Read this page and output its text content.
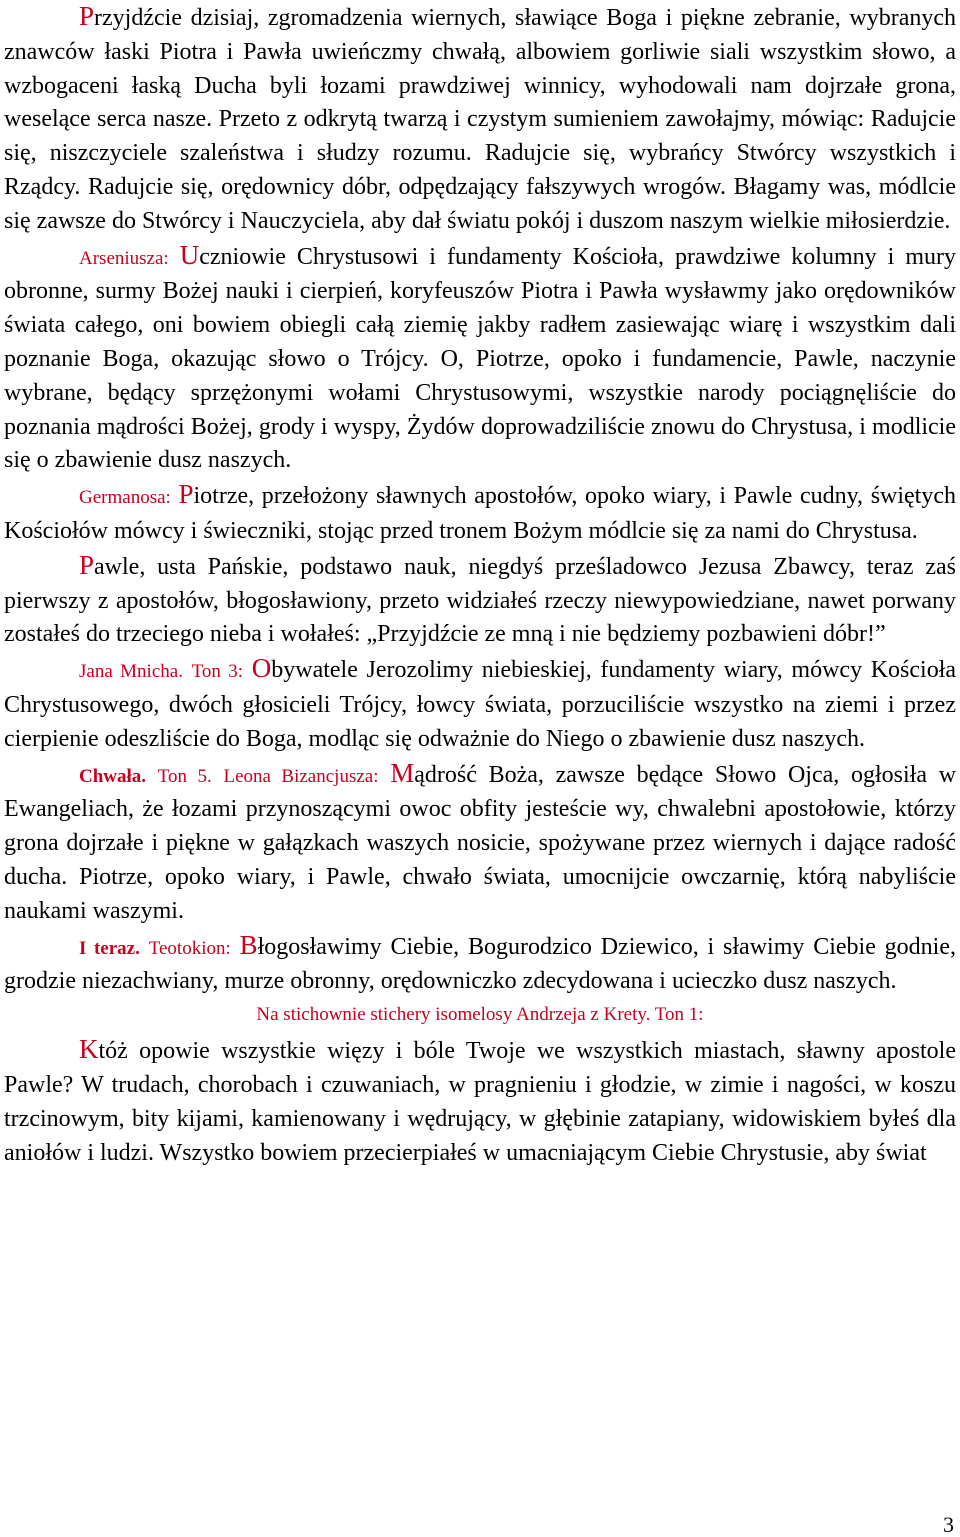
Przyjdźcie dzisiaj, zgromadzenia wiernych, sławiące Boga i piękne zebranie, wybranych znawców łaski Piotra i Pawła uwieńczmy chwałą, albowiem gorliwie siali wszystkim słowo, a wzbogaceni łaską Ducha byli łozami prawdziwej winnicy, wyhodowali nam dojrzałe grona, weselące serca nasze. Przeto z odkrytą twarzą i czystym sumieniem zawołajmy, mówiąc: Radujcie się, niszczyciele szaleństwa i słudzy rozumu. Radujcie się, wybrańcy Stwórcy wszystkich i Rządcy. Radujcie się, orędownicy dóbr, odpędzający fałszywych wrogów. Błagamy was, módlcie się zawsze do Stwórcy i Nauczyciela, aby dał światu pokój i duszom naszym wielkie miłosierdzie.

Arseniusza: Uczniowie Chrystusowi i fundamenty Kościoła, prawdziwe kolumny i mury obronne, surmy Bożej nauki i cierpień, koryfeuszów Piotra i Pawła wysławmy jako orędowników świata całego, oni bowiem obiegli całą ziemię jakby radłem zasiewając wiarę i wszystkim dali poznanie Boga, okazując słowo o Trójcy. O, Piotrze, opoko i fundamencie, Pawle, naczynie wybrane, będący sprzężonymi wołami Chrystusowymi, wszystkie narody pociągnęliście do poznania mądrości Bożej, grody i wyspy, Żydów doprowadziliście znowu do Chrystusa, i modlicie się o zbawienie dusz naszych.

Germanosa: Piotrze, przełożony sławnych apostołów, opoko wiary, i Pawle cudny, świętych Kościołów mówcy i świeczniki, stojąc przed tronem Bożym módlcie się za nami do Chrystusa.

Pawle, usta Pańskie, podstawo nauk, niegdyś prześladowco Jezusa Zbawcy, teraz zaś pierwszy z apostołów, błogosławiony, przeto widziałeś rzeczy niewypowiedziane, nawet porwany zostałeś do trzeciego nieba i wołałeś: „Przyjdźcie ze mną i nie będziemy pozbawieni dóbr!”

Jana Mnicha. Ton 3: Obywatele Jerozolimy niebieskiej, fundamenty wiary, mówcy Kościoła Chrystusowego, dwóch głosicieli Trójcy, łowcy świata, porzuciliście wszystko na ziemi i przez cierpienie odeszliście do Boga, modląc się odważnie do Niego o zbawienie dusz naszych.

Chwała. Ton 5. Leona Bizancjusza: Mądrość Boża, zawsze będące Słowo Ojca, ogłosiła w Ewangeliach, że łozami przynoszącymi owoc obfity jesteście wy, chwalebni apostołowie, którzy grona dojrzałe i piękne w gałązkach waszych nosicie, spożywane przez wiernych i dające radość ducha. Piotrze, opoko wiary, i Pawle, chwało świata, umocnijcie owczarnię, którą nabyliście naukami waszymi.

I teraz. Teotokion: Błogosławimy Ciebie, Bogurodzico Dziewico, i sławimy Ciebie godnie, grodzie niezachwiany, murze obronny, orędowniczko zdecydowana i ucieczko dusz naszych.

Na stichownie stichery isomelosy Andrzeja z Krety. Ton 1:

Któż opowie wszystkie więzy i bóle Twoje we wszystkich miastach, sławny apostole Pawle? W trudach, chorobach i czuwaniach, w pragnieniu i głodzie, w zimie i nagości, w koszu trzcinowym, bity kijami, kamienowany i wędrujący, w głębinie zatapiany, widowiskiem byłeś dla aniołów i ludzi. Wszystko bowiem przecierpiałeś w umacniającym Ciebie Chrystusie, aby świat

3
